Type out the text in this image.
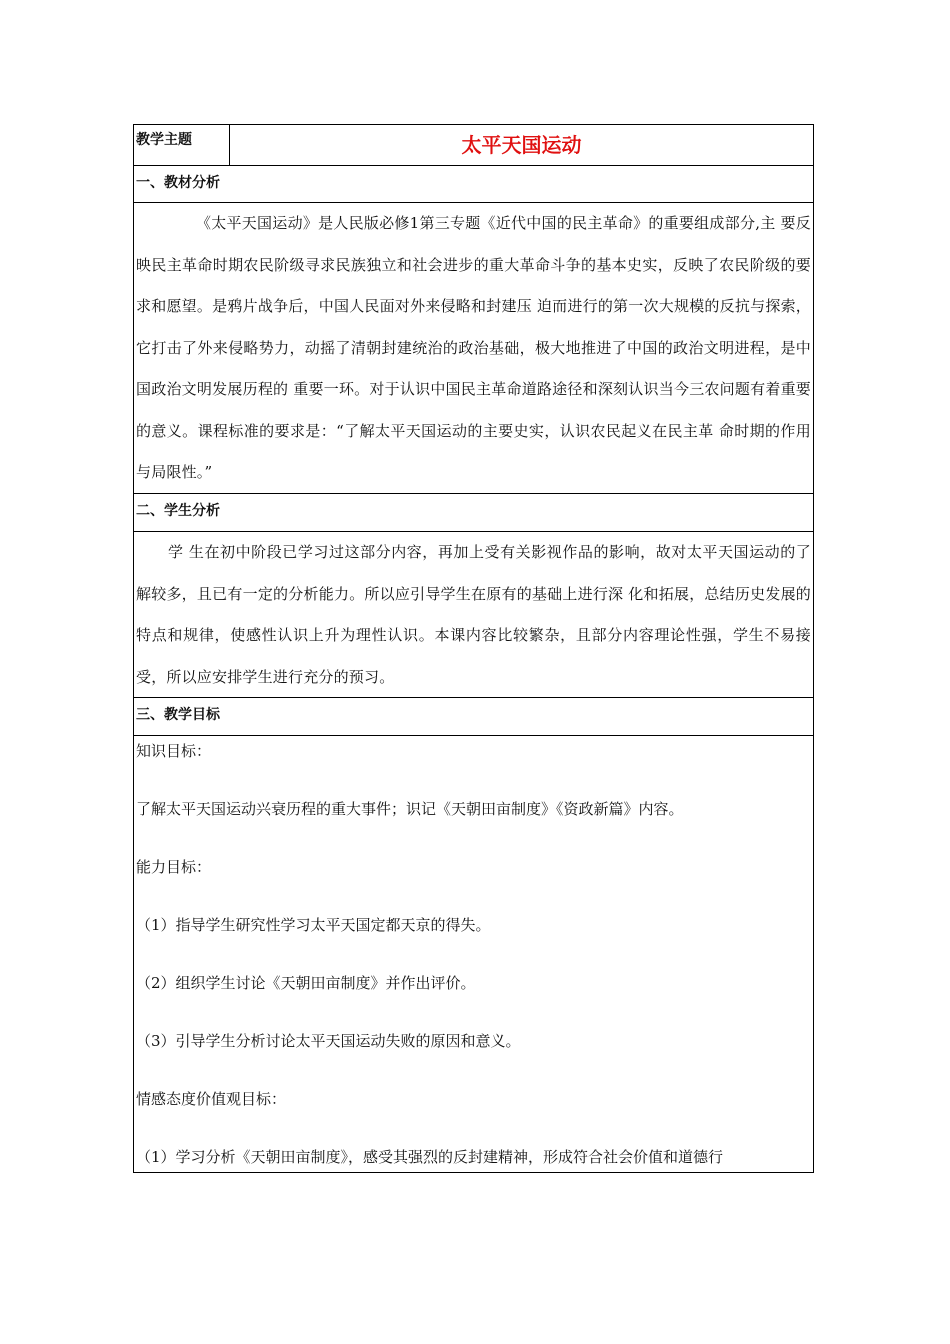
教学主题	太平天国运动
一、教材分析
《太平天国运动》是人民版必修1第三专题《近代中国的民主革命》的重要组成部分,主 要反映民主革命时期农民阶级寻求民族独立和社会进步的重大革命斗争的基本史实，反映了农民阶级的要求和愿望。是鸦片战争后，中国人民面对外来侵略和封建压 迫而进行的第一次大规模的反抗与探索，它打击了外来侵略势力，动摇了清朝封建统治的政治基础，极大地推进了中国的政治文明进程，是中国政治文明发展历程的 重要一环。对于认识中国民主革命道路途径和深刻认识当今三农问题有着重要的意义。课程标准的要求是：“了解太平天国运动的主要史实，认识农民起义在民主革 命时期的作用与局限性。”
二、学生分析
学 生在初中阶段已学习过这部分内容，再加上受有关影视作品的影响，故对太平天国运动的了解较多，且已有一定的分析能力。所以应引导学生在原有的基础上进行深 化和拓展，总结历史发展的特点和规律，使感性认识上升为理性认识。本课内容比较繁杂，且部分内容理论性强，学生不易接受，所以应安排学生进行充分的预习。
三、教学目标

知识目标：

了解太平天国运动兴衰历程的重大事件；识记《天朝田亩制度》《资政新篇》内容。

能力目标：

（1）指导学生研究性学习太平天国定都天京的得失。

（2）组织学生讨论《天朝田亩制度》并作出评价。

（3）引导学生分析讨论太平天国运动失败的原因和意义。

情感态度价值观目标：

（1）学习分析《天朝田亩制度》，感受其强烈的反封建精神，形成符合社会价值和道德行
